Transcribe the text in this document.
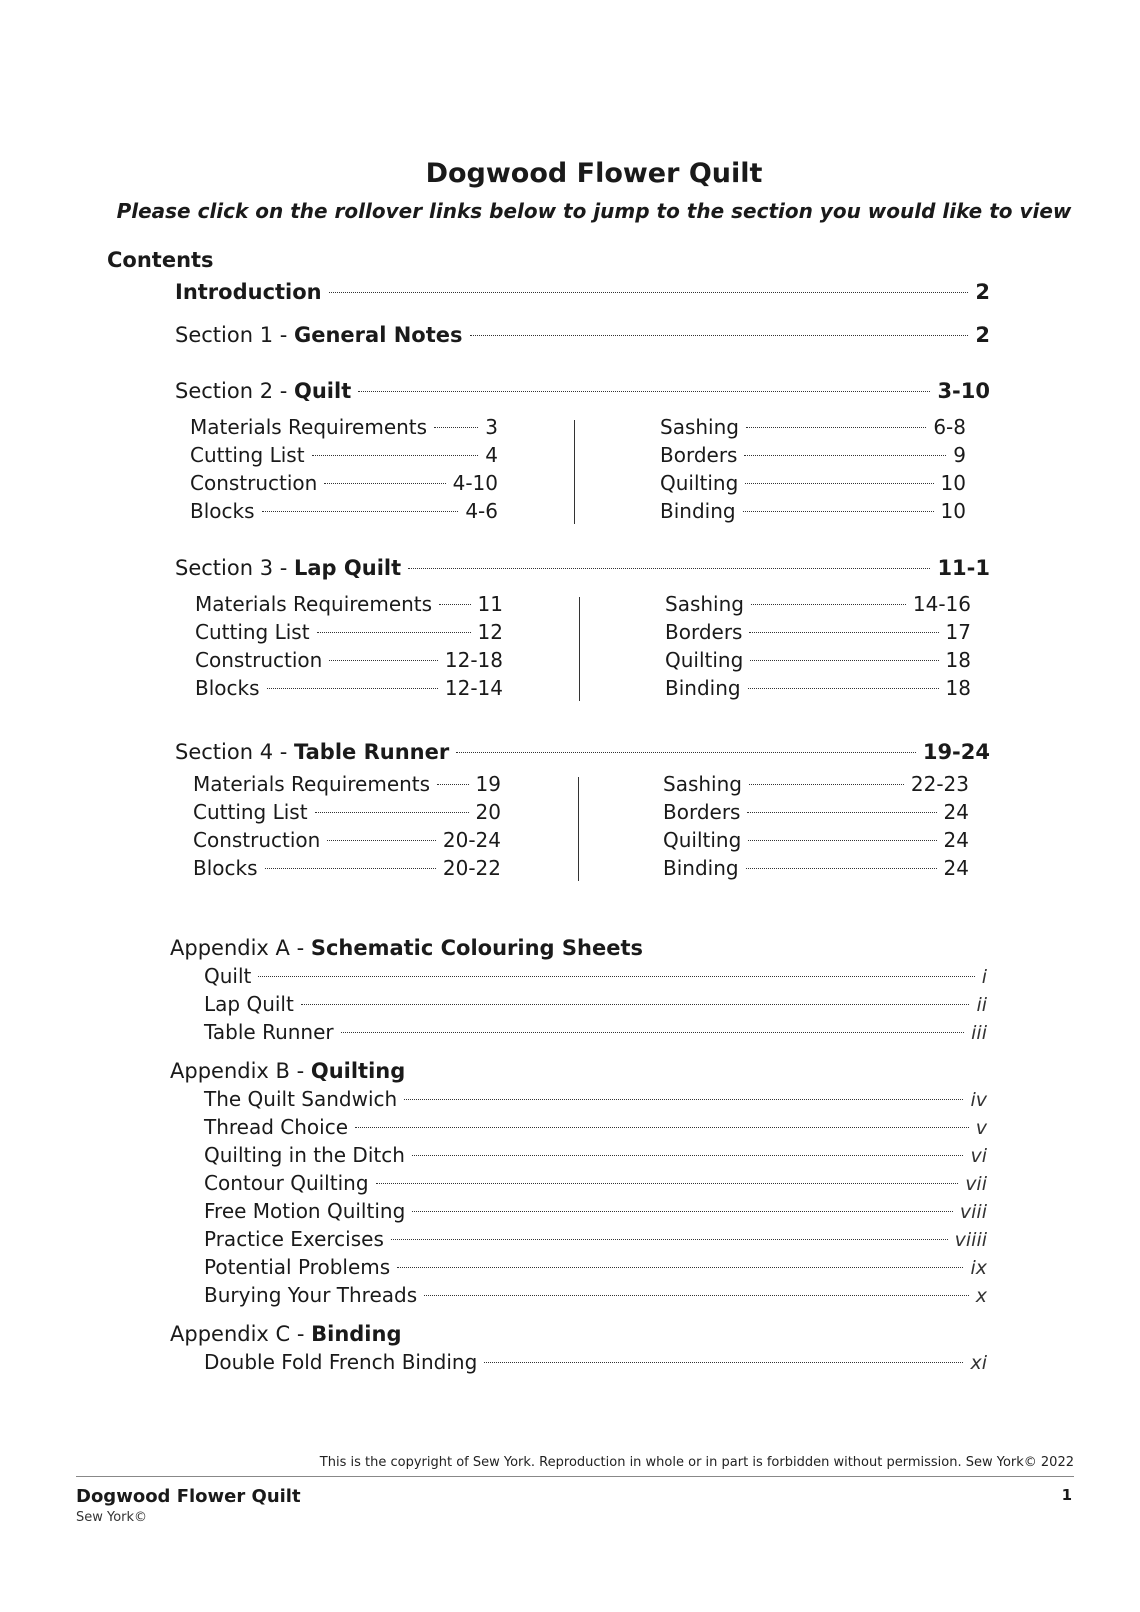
Dogwood Flower Quilt
Please click on the rollover links below to jump to the section you would like to view
Contents
Introduction	2
Section 1 - General Notes	2
Section 2 - Quilt	3-10
Materials Requirements	3
Cutting List	4
Construction	4-10
Blocks	4-6
Sashing	6-8
Borders	9
Quilting	10
Binding	10
Section 3 - Lap Quilt	11-1
Materials Requirements 11
Cutting List	12
Construction	12-18
Blocks	12-14
Sashing	14-16
Borders	17
Quilting	18
Binding	18
Section 4 - Table Runner	19-24
Materials Requirements 19
Cutting List	20
Construction	20-24
Blocks	20-22
Sashing	22-23
Borders	24
Quilting	24
Binding	24
Appendix A - Schematic Colouring Sheets
Quilt	i
Lap Quilt	ii
Table Runner	iii
Appendix B - Quilting
The Quilt Sandwich	iv
Thread Choice	v
Quilting in the Ditch	vi
Contour Quilting	vii
Free Motion Quilting	viii
Practice Exercises	viiii
Potential Problems	ix
Burying Your Threads	x
Appendix C - Binding
Double Fold French Binding	xi
This is the copyright of Sew York. Reproduction in whole or in part is forbidden without permission. Sew York© 2022
Dogwood Flower Quilt
Sew York©
1
